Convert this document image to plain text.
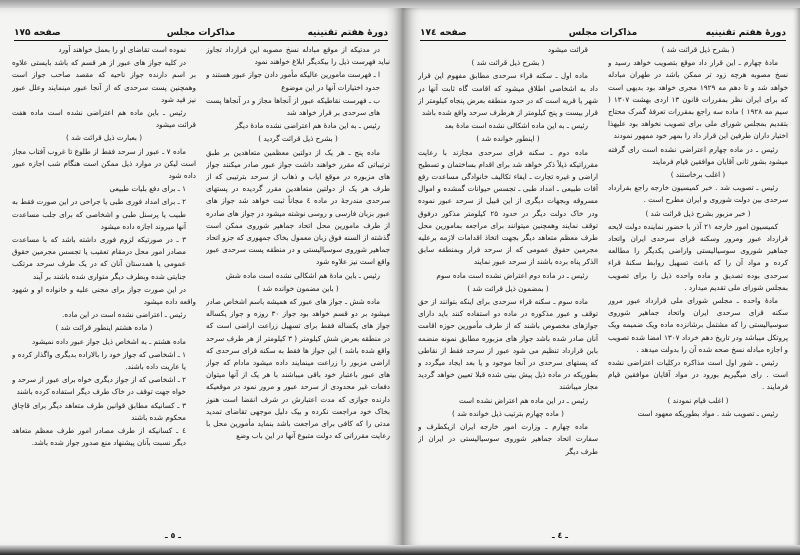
دورهٔ هفتم تقنینیه
مذاکرات مجلس
صفحه ۱۷۵

در مدتیکه از موقع مبادله نسخ مصوبه این قرارداد تجاوز نباید فهرست ذیل را بیکدیگر ابلاغ خواهند نمود

ا ـ فهرست مامورین عالیکه مأمور دادن جواز عبور هستند و حدود اختیارات آنها در این موضوع

ب ـ فهرست نقاطیکه عبور از آنجاها مجاز و در آنجاها پست های سرحدی بر قرار خواهد شد

رئیس ـ به این مادهٔ هم اعتراضی نشده مادهٔ دیگر

( بشرح ذیل قرائت گردید )

ماده پنج ـ هر یک از دولتین معظمین متعاهدین بر طبق ترتیباتی که مقرر خواهند داشت جواز عبور صادر میکنند جواز های مزبوره در موقع ایاب و ذهاب از سرحد بترتیبی که از طرف هر یک از دولتین متعاهدین مقرر گردیده در پستهای سرحدی مندرجهٔ در ماده ٤ مجاناً ثبت خواهد شد جواز های عبور بزبان فارسی و روسی نوشته میشود در جواز های صادره از طرف مامورین محل اتحاد جماهیر شوروی ممکن است گذشته از السنه فوق زبان معمول بخاک جمهوری که جزو اتحاد جماهیر شوروی سوسیالیستی و در منطقه پست سرحدی عبور واقع است نیز علاوه شود

رئیس ـ باین مادهٔ هم اشکالی نشده است ماده شش

( باین مضمون خوانده شد )

ماده شش ـ جواز های عبور که همیشه باسم اشخاص صادر میشود بر دو قسم خواهد بود جواز ۳۰ روزه و جواز یکساله جواز های یکساله فقط برای تسهیل زراعت اراضی است که در منطقه بعرض شش کیلومتر ( ۳ کیلومتر از هر طرف سرحد واقع شده باشد ) این جواز ها فقط به سکنه قرای سرحدی که اراضی مزبور را زراعت مینمایند داده میشود مادام که جواز های عبور باعتبار خود باقی میباشند با هر یک از آنها میتوان دفعات غیر محدودی از سرحد عبور و مرور نمود در موقعیکه دارنده جوازی که مدت اعتبارش در شرف انقضا است هنوز بخاک خود مراجعت نکرده و بیک دلیل موجهی تقاضای تمدید مدتی را که کافی برای مراجعت باشد بنماید مأمورین محل با رعایت مقرراتی که دولت متبوع آنها در این باب وضع

نموده است تقاضای او را بعمل خواهند آورد

در کلیه جواز های عبور از هر قسم که باشد بایستی علاوه بر اسم دارنده جواز ناحیه که مقصد صاحب جواز است وهمچنین پست سرحدی که از آنجا عبور مینمایند وعلل عبور نیز قید شود

رئیس ـ باین ماده هم اعتراضی نشده است ماده هفت قرائت میشود

( بعبارت ذیل قرائت شد )

ماده ۷ ـ عبور از سرحد فقط از طلوع تا غروب آفتاب مجاز است لیکن در موارد ذیل ممکن است هنگام شب اجازه عبور داده شود

۱ ـ برای دفع بلیات طبیعی

۲ ـ برای امداد فوری طبی یا جراحی در این صورت فقط به طبیب یا پرسنل طبی و اشخاصی که برای جلب مساعدت آنها میروند اجازه داده میشود

۳ ـ در صورتیکه لزوم فوری داشته باشد که با مساعدت مصادر امور محل درمقام تعقیب یا تجسس مجرمین حقوق عمومی یا همدستان آنان که در یک طرف سرحد مرتکب جنایتی شده وبطرف دیگر متواری شده باشند بر آیند

در این صورت جواز برای مجنی علیه و خانواده او و شهود واقعه داده میشود

رئیس ـ اعتراضی نشده است در این ماده.

( ماده هشتم اینطور قرائت شد )

ماده هشتم ـ به اشخاص ذیل جواز عبور داده نمیشود

۱ ـ اشخاصی که جواز خود را بالاراده بدیگری واگذار کرده و یا عاریت داده باشند.

۲ ـ اشخاصی که از جواز دیگری خواه برای عبور از سرحد و خواه جهت توقف در خاک طرف دیگر استفاده کرده باشند

۳ ـ کسانیکه مطابق قوانین طرف متعاهد دیگر برای قاچاق محکوم شده باشند

٤ ـ کسانیکه از طرف مصادر امور طرف معظم متعاهد دیگر نسبت بآنان پیشنهاد منع صدور جواز شده باشد.

ـ ٥ ـ
دورهٔ هفتم تقنینیه
مذاکرات مجلس
صفحه ۱۷٤

( بشرح ذیل قرائت شد )

مادهٔ چهارم ـ این قرار داد موقع بتصویب خواهد رسید و نسخ مصوبه هرچه زود تر ممکن باشد در طهران مبادله خواهد شد و تا دهم مه ۱۹۲۹ مجری خواهد بود بدیهی است که برای ایران نظر بمقررات قانون ۱۳ اردی بهشت ۱۳۰۷ ( سیم مه ۱۹۲۸ ) ماده سه راجع بمقررات تعرفهٔ گمرک محتاج بتقدیم بمجلس شورای ملی برای تصویب نخواهد بود علیهذا اختیار داران طرفین این قرار داد را بمهر خود ممهور نمودند

رئیس ـ در ماده چهارم اعتراضی نشده است رای گرفته میشود بشور ثانی آقایان موافقین قیام فرمایند

( اغلب برخاستند )

رئیس ـ تصویب شد . خبر کمیسیون خارجه راجع بقرارداد سرحدی بین دولت شوروی و ایران مطرح است .

( خبر مزبور بشرح ذیل قرائت شد )

کمیسیون امور خارجه ۲۱ آذر با حضور نماینده دولت لایحه قرارداد عبور ومرور وسکنه قرای سرحدی ایران واتحاد جماهیر شوروی سوسیالیستی واراضی یکدیگر را مطالعه کرده و مواد آن را که باعث تسهیل روابط سکنهٔ قراء سرحدی بوده تصدیق و ماده واحده ذیل را برای تصویب بمجلس شورای ملی تقدیم میدارد .

مادهٔ واحده ـ مجلس شورای ملی قرارداد عبور مرور سکنه قرای سرحدی ایران واتحاد جماهیر شوروی سوسیالیستی را که مشتمل برشانزده ماده ویک ضمیمه ویک پروتکل میباشد ودر تاریخ دهم خرداد ۱۳۰۷ امضا شده تصویب و اجازه مبادله نسخ صحه شده آن را بدولت میدهد .

رئیس ـ شور اول است مذاکره درکلیات اعتراضی نشده است . رای میگیریم بورود در مواد آقایان موافقین قیام فرمایند .

( اغلب قیام نمودند )

رئیس ـ تصویب شد . مواد بطوریکه معهود است

قرائت میشود

( بشرح ذیل قرائت شد )

ماده اول ـ سکنه قراء سرحدی مطابق مفهوم این قرار داد به اشخاصی اطلاق میشود که اقامت گاه ثابت آنها در شهر یا قریه است که در حدود منطقه بعرض پنجاه کیلومتر از قرار بیست و پنج کیلومتر از هرطرف سرحد واقع شده باشد

رئیس ـ به این ماده اشکالی نشده است مادهٔ بعد

( اینطور خوانده شد )

ماده دوم ـ سکنه قرای سرحدی مجازند با رعایت مقرراتیکه ذیلاً ذکر خواهد شد برای اقدام بساختمان و تسطیح اراضی و غیره تجارت ـ ایفاء تکالیف خانوادگی مساعدت رفع آفات طبیعی ـ امداد طبی ـ تجسس حیوانات گمشده و اموال مسروقه وبجهات دیگری از این قبیل از سرحد عبور نموده ودر خاک دولت دیگر در حدود ۲۵ کیلومتر مذکور درفوق توقف نمایند وهمچنین میتوانند برای مراجعه بمامورین محل طرف معظم متعاهد دیگر بجهت اتخاذ اقدامات لازمه برعلیه مجرمین حقوق عمومی که از سرحد فرار وبمنطقه سابق الذکر پناه برده باشند از سرحد عبور نمایند

رئیس ـ در ماده دوم اعتراض نشده است ماده سوم

( بمضمون ذیل قرائت شد )

ماده سوم ـ سکنه قراء سرحدی برای اینکه بتوانند از حق توقف و عبور مذکوره در ماده دو استفاده کنند باید دارای جوازهای مخصوص باشند که از طرف مأمورین حوزه اقامت آنان صادر شده باشد جواز های مزبوره مطابق نمونه منضمه بابن قرارداد تنظیم می شود عبور از سرحد فقط از نقاطی که پستهای سرحدی در آنجا موجود و یا بعد ایجاد میگردد و بطوریکه در ماده ذیل پیش بینی شده قبلا تعیین خواهد گردید مجاز میباشند

رئیس ـ در این ماده هم اعتراض نشده است

( ماده چهارم بترتیب ذیل خوانده شد )

ماده چهارم ـ وزارت امور خارجه ایران ازیکطرف و سفارت اتحاد جماهیر شوروی سوسیالیستی در ایران از طرف دیگر

ـ ٤ ـ
